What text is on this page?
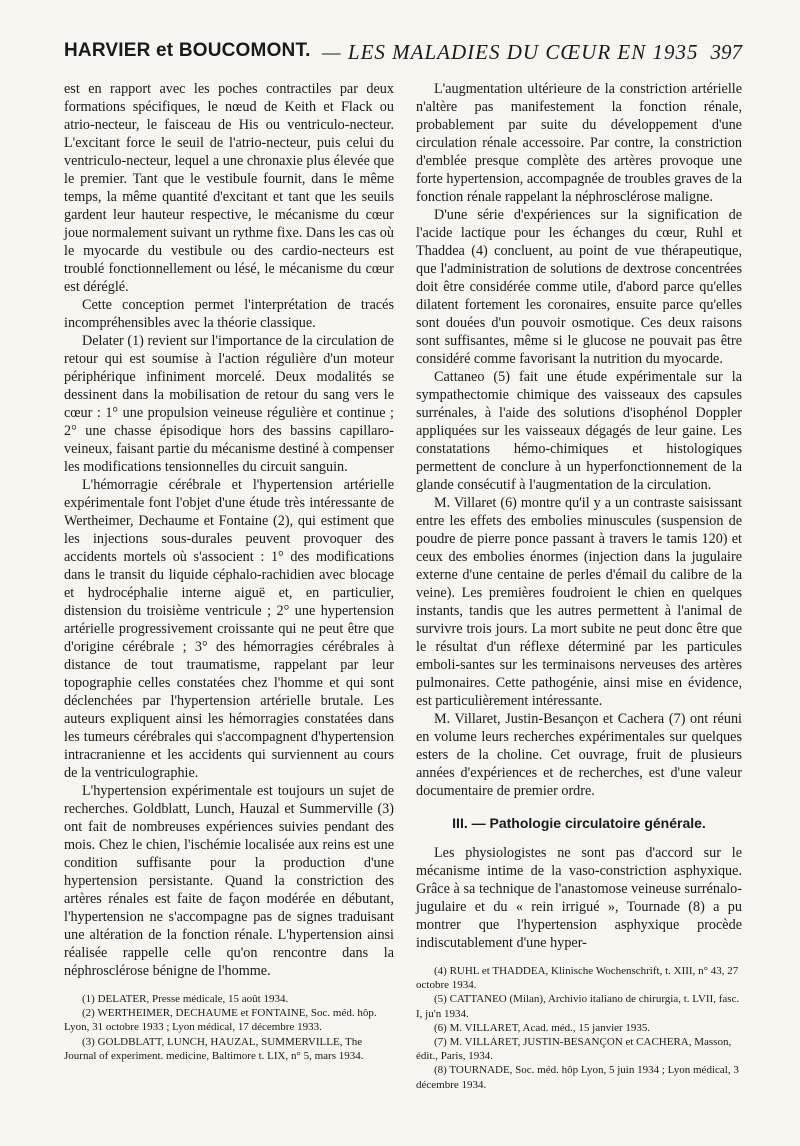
HARVIER et BOUCOMONT. — LES MALADIES DU CŒUR EN 1935 397

est en rapport avec les poches contractiles par deux formations spécifiques, le nœud de Keith et Flack ou atrio-necteur, le faisceau de His ou ventriculo-necteur. L'excitant force le seuil de l'atrio-necteur, puis celui du ventriculo-necteur, lequel a une chronaxie plus élevée que le premier. Tant que le vestibule fournit, dans le même temps, la même quantité d'excitant et tant que les seuils gardent leur hauteur respective, le mécanisme du cœur joue normalement suivant un rythme fixe. Dans les cas où le myocarde du vestibule ou des cardio-necteurs est troublé fonctionnellement ou lésé, le mécanisme du cœur est déréglé.

Cette conception permet l'interprétation de tracés incompréhensibles avec la théorie classique.

Delater (1) revient sur l'importance de la circulation de retour qui est soumise à l'action régulière d'un moteur périphérique infiniment morcelé. Deux modalités se dessinent dans la mobilisation de retour du sang vers le cœur : 1° une propulsion veineuse régulière et continue ; 2° une chasse épisodique hors des bassins capillaro-veineux, faisant partie du mécanisme destiné à compenser les modifications tensionnelles du circuit sanguin.

L'hémorragie cérébrale et l'hypertension artérielle expérimentale font l'objet d'une étude très intéressante de Wertheimer, Dechaume et Fontaine (2), qui estiment que les injections sous-durales peuvent provoquer des accidents mortels où s'associent : 1° des modifications dans le transit du liquide céphalo-rachidien avec blocage et hydrocéphalie interne aiguë et, en particulier, distension du troisième ventricule ; 2° une hypertension artérielle progressivement croissante qui ne peut être que d'origine cérébrale ; 3° des hémorragies cérébrales à distance de tout traumatisme, rappelant par leur topographie celles constatées chez l'homme et qui sont déclenchées par l'hypertension artérielle brutale. Les auteurs expliquent ainsi les hémorragies constatées dans les tumeurs cérébrales qui s'accompagnent d'hypertension intracranienne et les accidents qui surviennent au cours de la ventriculographie.

L'hypertension expérimentale est toujours un sujet de recherches. Goldblatt, Lunch, Hauzal et Summerville (3) ont fait de nombreuses expériences suivies pendant des mois. Chez le chien, l'ischémie localisée aux reins est une condition suffisante pour la production d'une hypertension persistante. Quand la constriction des artères rénales est faite de façon modérée en débutant, l'hypertension ne s'accompagne pas de signes traduisant une altération de la fonction rénale. L'hypertension ainsi réalisée rappelle celle qu'on rencontre dans la néphrosclérose bénigne de l'homme.

(1) DELATER, Presse médicale, 15 août 1934.
(2) WERTHEIMER, DECHAUME et FONTAINE, Soc. méd. hôp. Lyon, 31 octobre 1933 ; Lyon médical, 17 décembre 1933.
(3) GOLDBLATT, LUNCH, HAUZAL, SUMMERVILLE, The Journal of experiment. medicine, Baltimore t. LIX, n° 5, mars 1934.

L'augmentation ultérieure de la constriction artérielle n'altère pas manifestement la fonction rénale, probablement par suite du développement d'une circulation rénale accessoire. Par contre, la constriction d'emblée presque complète des artères provoque une forte hypertension, accompagnée de troubles graves de la fonction rénale rappelant la néphrosclérose maligne.

D'une série d'expériences sur la signification de l'acide lactique pour les échanges du cœur, Ruhl et Thaddea (4) concluent, au point de vue thérapeutique, que l'administration de solutions de dextrose concentrées doit être considérée comme utile, d'abord parce qu'elles dilatent fortement les coronaires, ensuite parce qu'elles sont douées d'un pouvoir osmotique. Ces deux raisons sont suffisantes, même si le glucose ne pouvait pas être considéré comme favorisant la nutrition du myocarde.

Cattaneo (5) fait une étude expérimentale sur la sympathectomie chimique des vaisseaux des capsules surrénales, à l'aide des solutions d'isophénol Doppler appliquées sur les vaisseaux dégagés de leur gaine. Les constatations hémo-chimiques et histologiques permettent de conclure à un hyperfonctionnement de la glande consécutif à l'augmentation de la circulation.

M. Villaret (6) montre qu'il y a un contraste saisissant entre les effets des embolies minuscules (suspension de poudre de pierre ponce passant à travers le tamis 120) et ceux des embolies énormes (injection dans la jugulaire externe d'une centaine de perles d'émail du calibre de la veine). Les premières foudroient le chien en quelques instants, tandis que les autres permettent à l'animal de survivre trois jours. La mort subite ne peut donc être que le résultat d'un réflexe déterminé par les particules emboli-santes sur les terminaisons nerveuses des artères pulmonaires. Cette pathogénie, ainsi mise en évidence, est particulièrement intéressante.

M. Villaret, Justin-Besançon et Cachera (7) ont réuni en volume leurs recherches expérimentales sur quelques esters de la choline. Cet ouvrage, fruit de plusieurs années d'expériences et de recherches, est d'une valeur documentaire de premier ordre.

III. — Pathologie circulatoire générale.

Les physiologistes ne sont pas d'accord sur le mécanisme intime de la vaso-constriction asphyxique. Grâce à sa technique de l'anastomose veineuse surrénalo-jugulaire et du « rein irrigué », Tournade (8) a pu montrer que l'hypertension asphyxique procède indiscutablement d'une hyper-

(4) RUHL et THADDEA, Klinische Wochenschrift, t. XIII, n° 43, 27 octobre 1934.
(5) CATTANEO (Milan), Archivio italiano de chirurgia, t. LVII, fasc. I, ju'n 1934.
(6) M. VILLARET, Acad. méd., 15 janvier 1935.
(7) M. VILLARET, JUSTIN-BESANÇON et CACHERA, Masson, édit., Paris, 1934.
(8) TOURNADE, Soc. méd. hôp Lyon, 5 juin 1934 ; Lyon médical, 3 décembre 1934.
